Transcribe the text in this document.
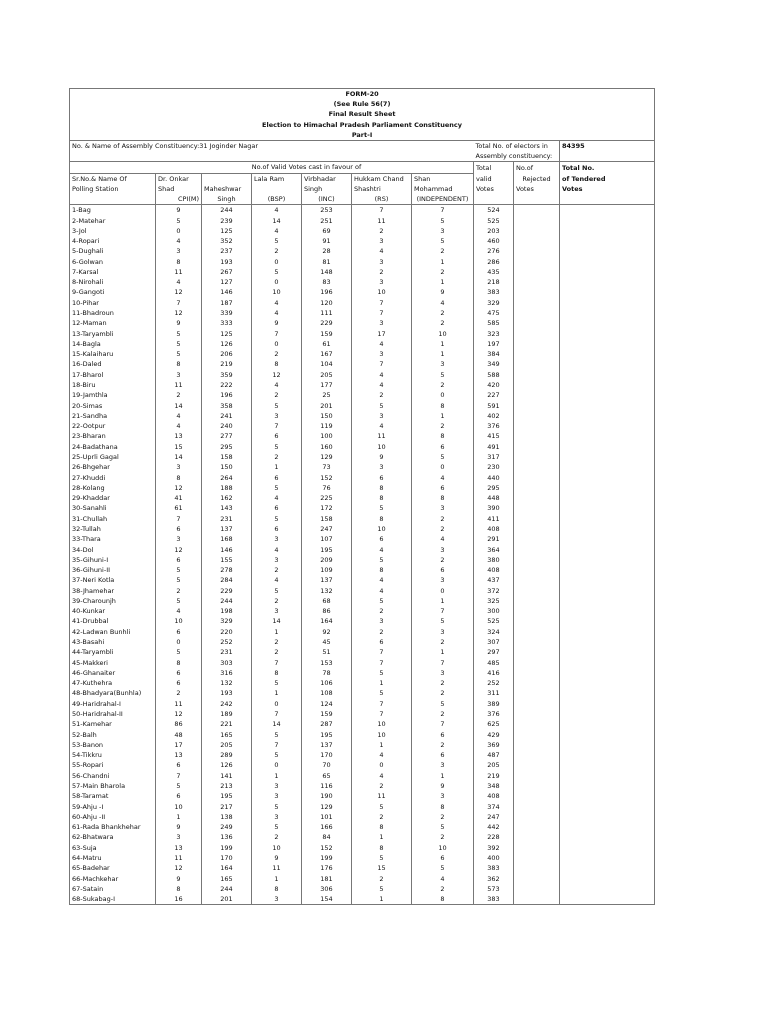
FORM-20									
(See Rule 56(7)									
Final Result Sheet									
Election to Himachal Pradesh Parliament Constituency									
Part-I									
No. & Name of Assembly Constituency:31 Joginder Nagar							Total No. of electors in		84395
							Assembly constituency:		
		No.of Valid Votes cast in favour of					Total	No.of	Total No.
Sr.No.& Name Of	Dr. Onkar		Lala Ram	Virbhadar	Hukkam Chand	Shan	valid	Rejected	of Tendered
Polling Station	Shad	Maheshwar		Singh	Shashtri	Mohammad	Votes	Votes	Votes
	CPI(M)	Singh	(BSP)	(INC)	(RS)	(INDEPENDENT)			
1-Bag	9	244	4	253	7	7	524		
2-Matehar	5	239	14	251	11	5	525		
3-Jol	0	125	4	69	2	3	203		
4-Ropari	4	352	5	91	3	5	460		
5-Dughali	3	237	2	28	4	2	276		
6-Golwan	8	193	0	81	3	1	286		
7-Karsal	11	267	5	148	2	2	435		
8-Nirohali	4	127	0	83	3	1	218		
9-Gangoti	12	146	10	196	10	9	383		
10-Pihar	7	187	4	120	7	4	329		
11-Bhadroun	12	339	4	111	7	2	475		
12-Maman	9	333	9	229	3	2	585		
13-Taryambli	5	125	7	159	17	10	323		
14-Bagla	5	126	0	61	4	1	197		
15-Kalaiharu	5	206	2	167	3	1	384		
16-Daled	8	219	8	104	7	3	349		
17-Bharol	3	359	12	205	4	5	588		
18-Biru	11	222	4	177	4	2	420		
19-Jamthla	2	196	2	25	2	0	227		
20-Simas	14	358	5	201	5	8	591		
21-Sandha	4	241	3	150	3	1	402		
22-Ootpur	4	240	7	119	4	2	376		
23-Bharan	13	277	6	100	11	8	415		
24-Badathana	15	295	5	160	10	6	491		
25-Uprli Gagal	14	158	2	129	9	5	317		
26-Bhgehar	3	150	1	73	3	0	230		
27-Khuddi	8	264	6	152	6	4	440		
28-Kolang	12	188	5	76	8	6	295		
29-Khaddar	41	162	4	225	8	8	448		
30-Sanahli	61	143	6	172	5	3	390		
31-Chullah	7	231	5	158	8	2	411		
32-Tullah	6	137	6	247	10	2	408		
33-Thara	3	168	3	107	6	4	291		
34-Dol	12	146	4	195	4	3	364		
35-Gihuni-I	6	155	3	209	5	2	380		
36-Gihuni-II	5	278	2	109	8	6	408		
37-Neri Kotla	5	284	4	137	4	3	437		
38-Jhamehar	2	229	5	132	4	0	372		
39-Charounjh	5	244	2	68	5	1	325		
40-Kunkar	4	198	3	86	2	7	300		
41-Drubbal	10	329	14	164	3	5	525		
42-Ladwan Bunhli	6	220	1	92	2	3	324		
43-Basahi	0	252	2	45	6	2	307		
44-Taryambli	5	231	2	51	7	1	297		
45-Makkeri	8	303	7	153	7	7	485		
46-Ghanaiter	6	316	8	78	5	3	416		
47-Kuthehra	6	132	5	106	1	2	252		
48-Bhadyara(Bunhla)	2	193	1	108	5	2	311		
49-Haridrahal-I	11	242	0	124	7	5	389		
50-Haridrahal-II	12	189	7	159	7	2	376		
51-Kamehar	86	221	14	287	10	7	625		
52-Balh	48	165	5	195	10	6	429		
53-Banon	17	205	7	137	1	2	369		
54-Tikkru	13	289	5	170	4	6	487		
55-Ropari	6	126	0	70	0	3	205		
56-Chandni	7	141	1	65	4	1	219		
57-Main Bharola	5	213	3	116	2	9	348		
58-Taramat	6	195	3	190	11	3	408		
59-Ahju -I	10	217	5	129	5	8	374		
60-Ahju -II	1	138	3	101	2	2	247		
61-Rada Bhankhehar	9	249	5	166	8	5	442		
62-Bhatwara	3	136	2	84	1	2	228		
63-Suja	13	199	10	152	8	10	392		
64-Matru	11	170	9	199	5	6	400		
65-Badehar	12	164	11	176	15	5	383		
66-Machkehar	9	165	1	181	2	4	362		
67-Satain	8	244	8	306	5	2	573		
68-Sukabag-I	16	201	3	154	1	8	383		
